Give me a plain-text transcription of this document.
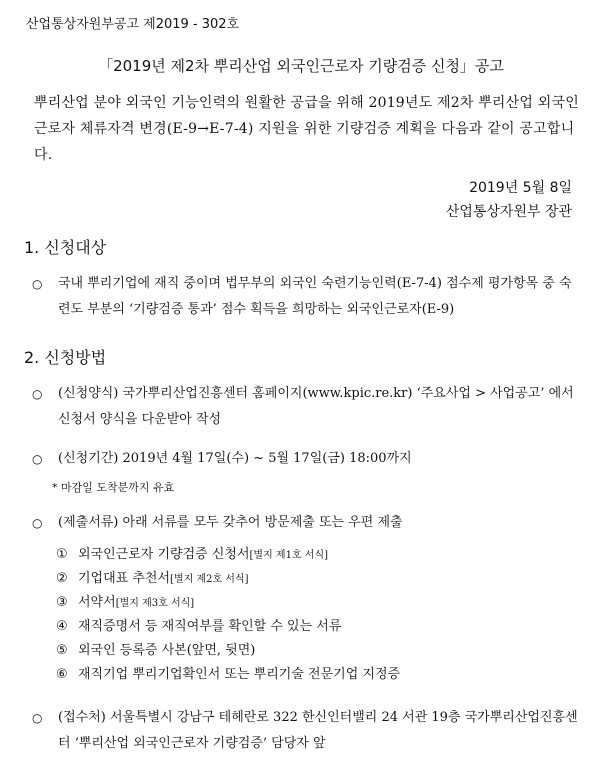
산업통상자원부공고 제2019 - 302호
「2019년 제2차 뿌리산업 외국인근로자 기량검증 신청」공고
뿌리산업 분야 외국인 기능인력의 원활한 공급을 위해 2019년도 제2차 뿌리산업 외국인근로자 체류자격 변경(E-9→E-7-4) 지원을 위한 기량검증 계획을 다음과 같이 공고합니다.
2019년 5월 8일
산업통상자원부 장관
1. 신청대상
○	국내 뿌리기업에 재직 중이며 법무부의 외국인 숙련기능인력(E-7-4) 점수제 평가항목 중 숙련도 부분의 ‘기량검증 통과’ 점수 획득을 희망하는 외국인근로자(E-9)
2. 신청방법
○	(신청양식) 국가뿌리산업진흥센터 홈페이지(www.kpic.re.kr) ‘주요사업 > 사업공고’ 에서 신청서 양식을 다운받아 작성
○	(신청기간) 2019년 4월 17일(수) ~ 5월 17일(금) 18:00까지
* 마감일 도착분까지 유효
○	(제출서류) 아래 서류를 모두 갖추어 방문제출 또는 우편 제출
① 외국인근로자 기량검증 신청서[별지 제1호 서식]
② 기업대표 추천서[별지 제2호 서식]
③ 서약서[별지 제3호 서식]
④ 재직증명서 등 재직여부를 확인할 수 있는 서류
⑤ 외국인 등록증 사본(앞면, 뒷면)
⑥ 재직기업 뿌리기업확인서 또는 뿌리기술 전문기업 지정증
○	(접수처) 서울특별시 강남구 테헤란로 322 한신인터밸리 24 서관 19층 국가뿌리산업진흥센터 ‘뿌리산업 외국인근로자 기량검증’ 담당자 앞
